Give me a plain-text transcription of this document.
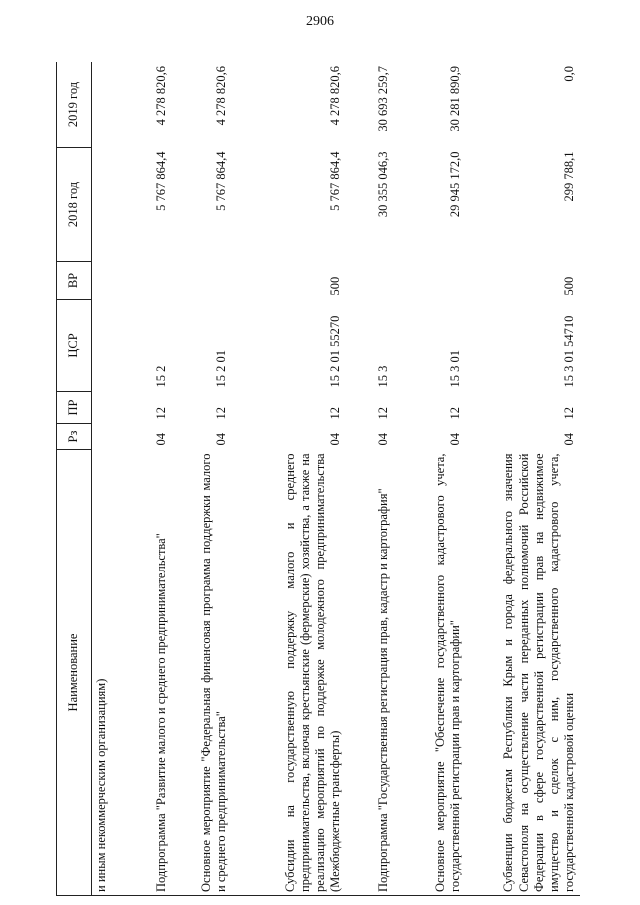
2906
Наименование	Рз	ПР	ЦСР	ВР	2018 год	2019 год
и иным некоммерческим организациям)						
Подпрограмма "Развитие малого и среднего предпринимательства"	04	12	15 2		5 767 864,4	4 278 820,6
Основное мероприятие "Федеральная финансовая программа поддержки малого и среднего предпринимательства"	04	12	15 2 01		5 767 864,4	4 278 820,6
Субсидии на государственную поддержку малого и среднего предпринимательства, включая крестьянские (фермерские) хозяйства, а также на реализацию мероприятий по поддержке молодежного предпринимательства (Межбюджетные трансферты)	04	12	15 2 01 55270	500	5 767 864,4	4 278 820,6
Подпрограмма "Государственная регистрация прав, кадастр и картография"	04	12	15 3		30 355 046,3	30 693 259,7
Основное мероприятие "Обеспечение государственного кадастрового учета, государственной регистрации прав и картографии"	04	12	15 3 01		29 945 172,0	30 281 890,9
Субвенции бюджетам Республики Крым и города федерального значения Севастополя на осуществление части переданных полномочий Российской Федерации в сфере государственной регистрации прав на недвижимое имущество и сделок с ним, государственного кадастрового учета, государственной кадастровой оценки	04	12	15 3 01 54710	500	299 788,1	0,0
